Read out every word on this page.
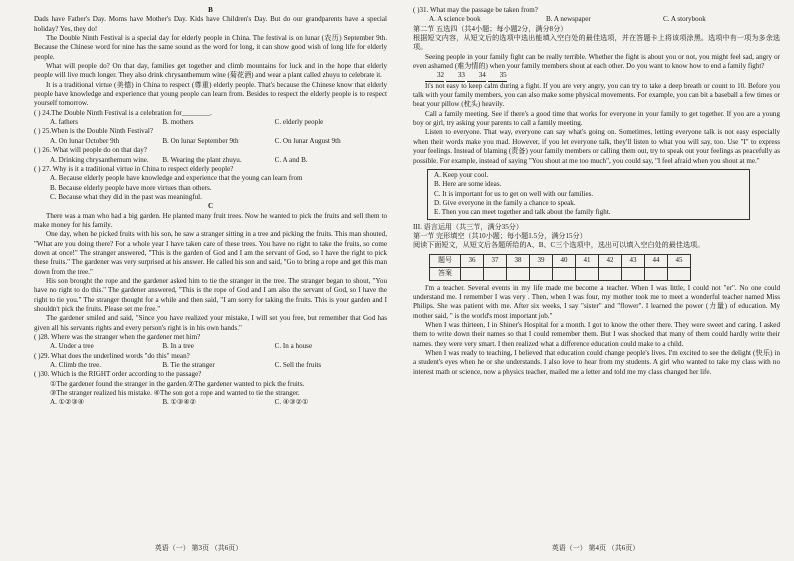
B

Dads have Father's Day. Moms have Mother's Day. Kids have Children's Day. But do our grandparents have a special holiday? Yes, they do!

The Double Ninth Festival is a special day for elderly people in China. The festival is on lunar (农历) September 9th. Because the Chinese word for nine has the same sound as the word for long, it can show good wish of long life for elderly people.

What will people do? On that day, families get together and climb mountains for luck and in the hope that elderly people will live much longer. They also drink chrysanthemum wine (菊花酒) and wear a plant called zhuyu to celebrate it.

It is a traditional virtue (美德) in China to respect (尊重) elderly people. That's because the Chinese know that elderly people have knowledge and experience that young people can learn from. Besides to respect the elderly people is to respect yourself tomorrow.

( ) 24.The Double Ninth Festival is a celebration for________.

A. fathers	B. mothers	C. elderly people

( ) 25.When is the Double Ninth Festival?

A. On lunar October 9th	B. On lunar September 9th	C. On lunar August 9th

( ) 26. What will people do on that day?

A. Drinking chrysanthemum wine.	B. Wearing the plant zhuyu.	C. A and B.

( ) 27. Why is it a traditional virtue in China to respect elderly people?

A. Because elderly people have knowledge and experience that the young can learn from

B. Because elderly people have more virtues than others.

C. Because what they did in the past was meaningful.

C

There was a man who had a big garden. He planted many fruit trees. Now he wanted to pick the fruits and sell them to make money for his family.

One day, when he picked fruits with his son, he saw a stranger sitting in a tree and picking the fruits. This man shouted, "What are you doing there? For a whole year I have taken care of these trees. You have no right to take the fruits, so come down at once!" The stranger answered, "This is the garden of God and I am the servant of God, so I have the right to pick these fruits." The gardener was very surprised at his answer. He called his son and said, "Go to bring a rope and get this man down from the tree."

His son brought the rope and the gardener asked him to tie the stranger in the tree. The stranger began to shout, "You have no right to do this." The gardener answered, "This is the rope of God and I am also the servant of God, so I have the right to tie you." The stranger thought for a while and then said, "I am sorry for taking the fruits. This is your garden and I shouldn't pick the fruits. Please set me free."

The gardener smiled and said, "Since you have realized your mistake, I will set you free, but remember that God has given all his servants rights and every person's right is in his own hands."

( )28. Where was the stranger when the gardener met him?

A. Under a tree	B. In a tree	C. In a house

( )29. What does the underlined words "do this" mean?

A. Climb the tree.	B. Tie the stranger	C. Sell the fruits

( )30. Which is the RIGHT order according to the passage?

①The gardener found the stranger in the garden.②The gardener wanted to pick the fruits.

③The stranger realized his mistake. ④The son got a rope and wanted to tie the stranger.

A. ①②③④	B. ①③④②	C. ④③②①
英语（一） 第3页 （共6页）

( )31. What may the passage be taken from?

A. A science book	B. A newspaper	C. A storybook

第二节 五选四（共4小题；每小题2分，满分8分）

根据短文内容，从短文后的选项中选出能填入空白处的最佳选项，并在答题卡上将该项涂黑。选项中有一项为多余选项。

Seeing people in your family fight can be really terrible. Whether the fight is about you or not, you might feel sad, angry or even ashamed (难为情的) when your family members shout at each other. Do you want to know how to end a family fight?

32 33 34 35

It's not easy to keep calm during a fight. If you are very angry, you can try to take a deep breath or count to 10. Before you talk with your family members, you can also make some physical movements. For example, you can bit a baseball a few times or beat your pillow (枕头) heavily.

Call a family meeting. See if there's a good time that works for everyone in your family to get together. If you are a young boy or girl, try asking your parents to call a family meeting.

Listen to everyone. That way, everyone can say what's going on. Sometimes, letting everyone talk is not easy especially when their words make you mad. However, if you let everyone talk, they'll listen to what you will say, too. Use "I" to express your feelings. Instead of blaming (责备) your family members or calling them out, try to speak out your feelings as peacefully as possible. For example, instead of saying "You shout at me too much", you could say, "I feel afraid when you shout at me."

A. Keep your cool.

B. Here are some ideas.

C. It is important for us to get on well with our families.

D. Give everyone in the family a chance to speak.

E. Then you can meet together and talk about the family fight.

III. 语言运用（共三节，满分35分）

第一节 完形填空（共10小题；每小题1.5分，满分15分）

阅读下面短文，从短文后各题所给的A、B、C三个选项中，选出可以填入空白处的最佳选项。

题号	36	37	38	39	40	41	42	43	44	45
答案										

I'm a teacher. Several events in my life made me become a teacher. When I was little, I could not "er". No one could understand me. I remember I was very . Then, when I was four, my mother took me to meet a wonderful teacher named Miss Philips. She was patient with me. After six weeks, I say "sister" and "flower". I learned the power (力量) of education. My mother said, " is the world's most important job."

When I was thirteen, I in Shiner's Hospital for a month. I got to know the other there. They were sweet and caring. I asked them to write down their names so that I could remember them. But I was shocked that many of them could hardly write their names. they were very smart. I then realized what a difference education could make to a child.

When I was ready to teaching, I believed that education could change people's lives. I'm excited to see the delight (快乐) in a student's eyes when he or she understands. I also love to hear from my students. A girl who wanted to take my class with no interest math or science, now a physics teacher, mailed me a letter and told me my class changed her life.

英语（一） 第4页 （共6页）
